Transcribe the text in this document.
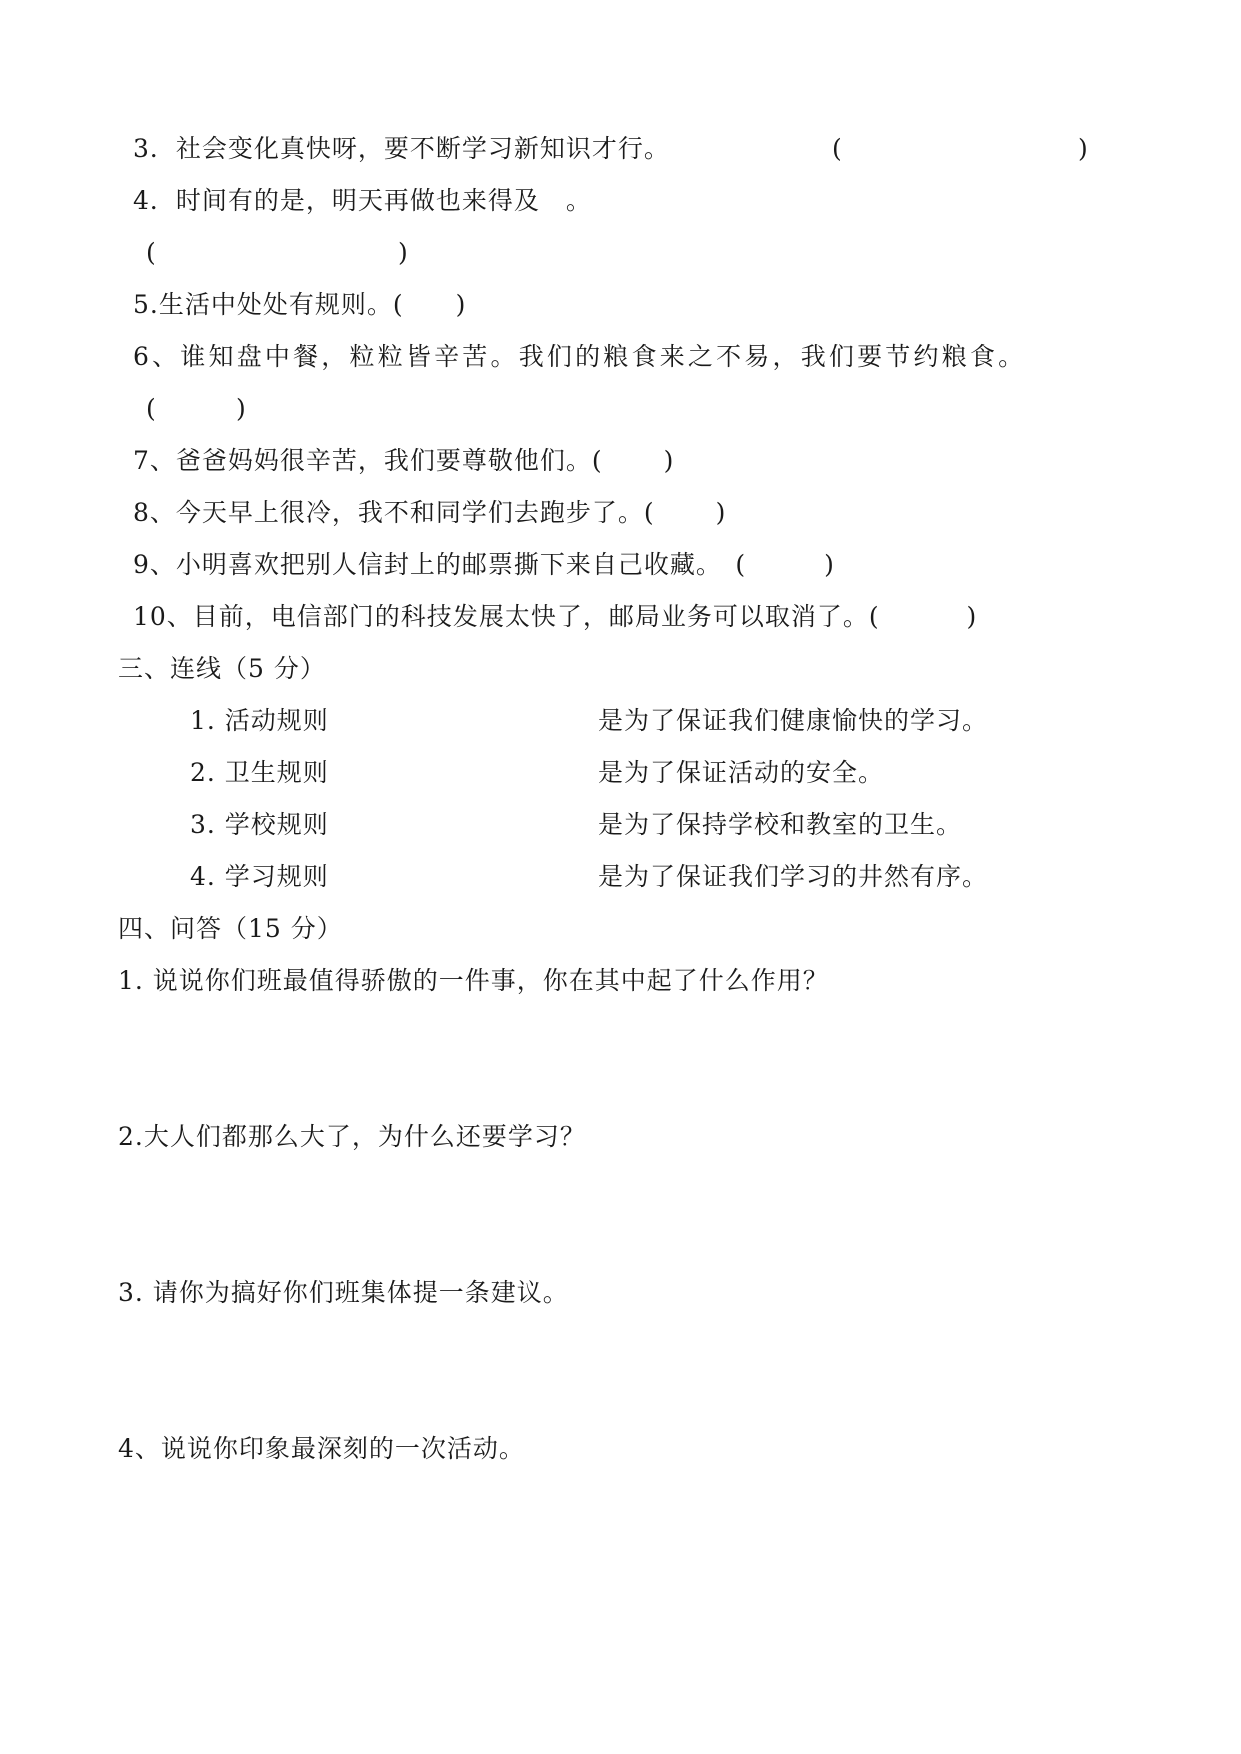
3．社会变化真快呀，要不断学习新知识才行。	(	)
4．时间有的是，明天再做也来得及　。
(	)
5.生活中处处有规则。(　　)
6、谁知盘中餐，粒粒皆辛苦。我们的粮食来之不易，我们要节约粮食。
(	)
7、爸爸妈妈很辛苦，我们要尊敬他们。(　　 )
8、今天早上很冷，我不和同学们去跑步了。(　　 )
9、小明喜欢把别人信封上的邮票撕下来自己收藏。　(　　　)
10、目前，电信部门的科技发展太快了，邮局业务可以取消了。(　　　 )
三、连线（5 分）
1. 活动规则	是为了保证我们健康愉快的学习。
2. 卫生规则	是为了保证活动的安全。
3. 学校规则	是为了保持学校和教室的卫生。
4. 学习规则	是为了保证我们学习的井然有序。
四、问答（15 分）
1. 说说你们班最值得骄傲的一件事，你在其中起了什么作用？
2.大人们都那么大了，为什么还要学习？
3. 请你为搞好你们班集体提一条建议。
4、说说你印象最深刻的一次活动。
